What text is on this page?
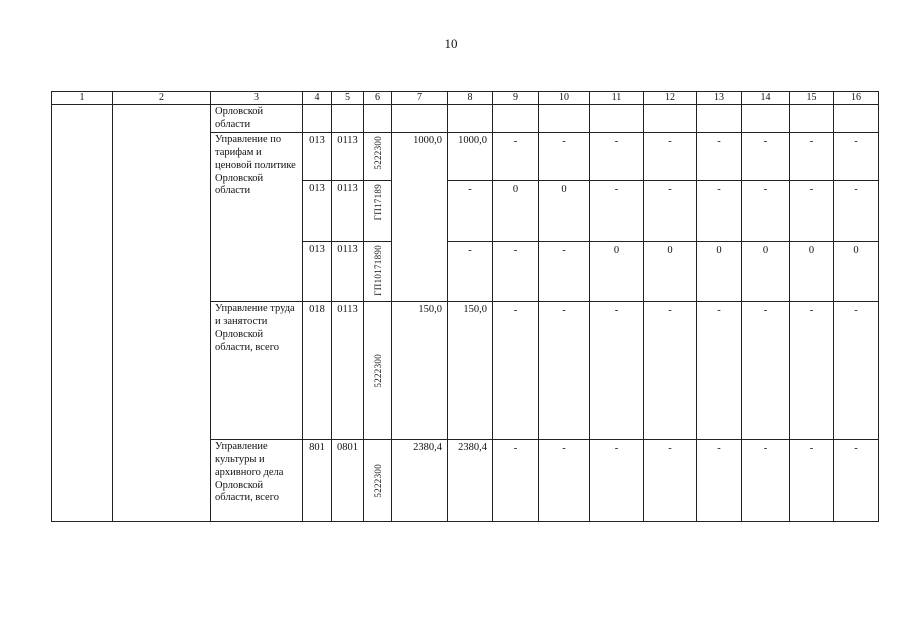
10
1	2	3	4	5	6	7	8	9	10	11	12	13	14	15	16
		Орловской области													
		Управление по тарифам и ценовой политике Орловской области	013	0113	5222300	1000,0	1000,0	-	-	-	-	-	-	-	-
			013	0113	ГП17189		-	0	0	-	-	-	-	-	-
			013	0113	ГП10171890		-	-	-	0	0	0	0	0	0
		Управление труда и занятости Орловской области, всего	018	0113	5222300	150,0	150,0	-	-	-	-	-	-	-	-
		Управление культуры и архивного дела Орловской области, всего	801	0801	5222300	2380,4	2380,4	-	-	-	-	-	-	-	-
